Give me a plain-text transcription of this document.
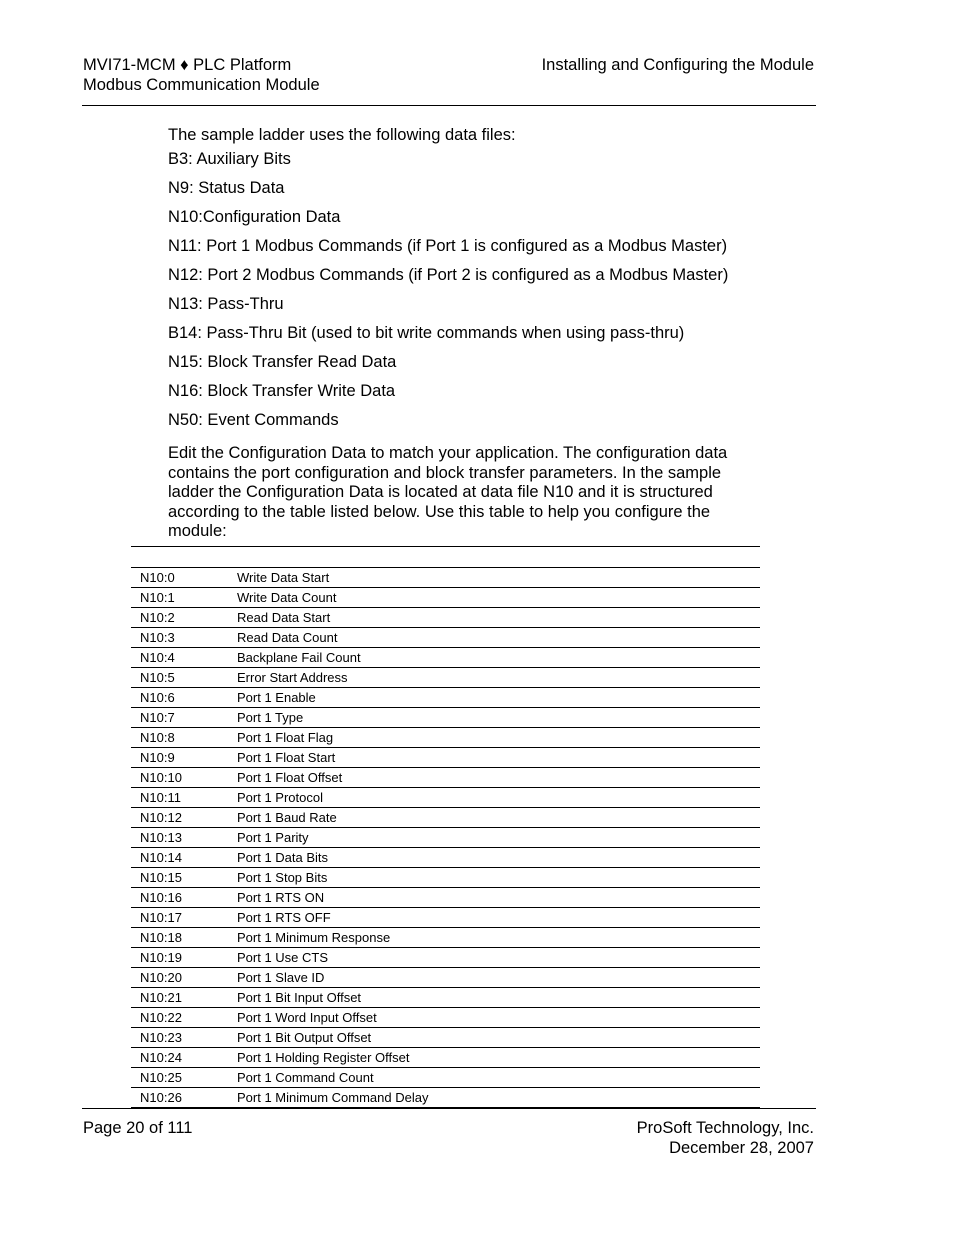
MVI71-MCM ♦ PLC Platform
Modbus Communication Module
Installing and Configuring the Module
The sample ladder uses the following data files:
B3: Auxiliary Bits
N9: Status Data
N10:Configuration Data
N11: Port 1 Modbus Commands (if Port 1 is configured as a Modbus Master)
N12: Port 2 Modbus Commands (if Port 2 is configured as a Modbus Master)
N13: Pass-Thru
B14: Pass-Thru Bit (used to bit write commands when using pass-thru)
N15: Block Transfer Read Data
N16: Block Transfer Write Data
N50: Event Commands
Edit the Configuration Data to match your application. The configuration data contains the port configuration and block transfer parameters. In the sample ladder the Configuration Data is located at data file N10 and it is structured according to the table listed below. Use this table to help you configure the module:
N10:0	Write Data Start
N10:1	Write Data Count
N10:2	Read Data Start
N10:3	Read Data Count
N10:4	Backplane Fail Count
N10:5	Error Start Address
N10:6	Port 1 Enable
N10:7	Port 1 Type
N10:8	Port 1 Float Flag
N10:9	Port 1 Float Start
N10:10	Port 1 Float Offset
N10:11	Port 1 Protocol
N10:12	Port 1 Baud Rate
N10:13	Port 1 Parity
N10:14	Port 1 Data Bits
N10:15	Port 1 Stop Bits
N10:16	Port 1 RTS ON
N10:17	Port 1 RTS OFF
N10:18	Port 1 Minimum Response
N10:19	Port 1 Use CTS
N10:20	Port 1 Slave ID
N10:21	Port 1 Bit Input Offset
N10:22	Port 1 Word Input Offset
N10:23	Port 1 Bit Output Offset
N10:24	Port 1 Holding Register Offset
N10:25	Port 1 Command Count
N10:26	Port 1 Minimum Command Delay
Page 20 of 111	ProSoft Technology, Inc.
December 28, 2007
